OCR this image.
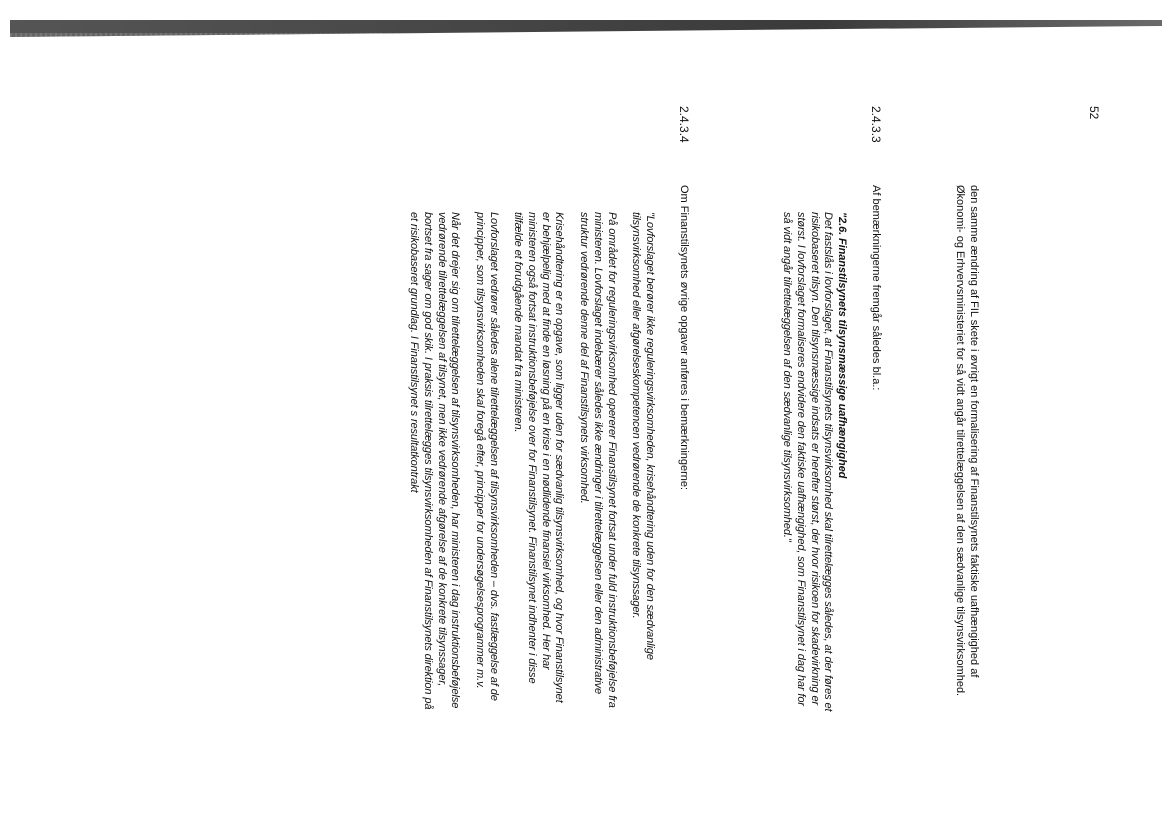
52

den samme ændring af FIL skete i øvrigt en formalisering af Finanstilsynets faktiske uafhængighed af Økonomi- og Erhvervsministeriet for så vidt angår tilrettelæggelsen af den sædvanlige tilsynsvirksomhed.

2.4.3.3
Af bemærkningerne fremgår således bl.a.:

"2.6. Finanstilsynets tilsynsmæssige uafhængighed
Det fastslås i lovforslaget, at Finanstilsynets tilsynsvirksomhed skal tilrettelægges således, at der føres et risikobaseret tilsyn. Den tilsynsmæssige indsats er herefter størst, der hvor risikoen for skadevirkning er størst. I lovforslaget formaliseres endvidere den faktiske uafhængighed, som Finanstilsynet i dag har for så vidt angår tilrettelæggelsen af den sædvanlige tilsynsvirksomhed."

2.4.3.4
Om Finanstilsynets øvrige opgaver anføres i bemærkningerne:

"Lovforslaget berører ikke reguleringsvirksomheden, krisehåndtering uden for den sædvanlige tilsynsvirksomhed eller afgørelseskompetencen vedrørende de konkrete tilsynssager.

På området for reguleringsvirksomhed opererer Finanstilsynet fortsat under fuld instruktionsbeføjelse fra ministeren. Lovforslaget indebærer således ikke ændringer i tilrettelæggelsen eller den administrative struktur vedrørende denne del af Finanstilsynets virksomhed.

Krisehåndtering er en opgave, som ligger uden for sædvanlig tilsynsvirksomhed, og hvor Finanstilsynet er behjælpelig med at finde en løsning på en krise i en nødlidende finansiel virksomhed. Her har ministeren også fortsat instruktionsbeføjelse over for Finanstilsynet. Finanstilsynet indhenter i disse tilfælde et forudgående mandat fra ministeren.

Lovforslaget vedrører således alene tilrettelæggelsen af tilsynsvirksomheden – dvs. fastlæggelse af de principper, som tilsynsvirksomheden skal foregå efter, principper for undersøgelsesprogrammer m.v.

Når det drejer sig om tilrettelæggelsen af tilsynsvirksomheden, har ministeren i dag instruktionsbeføjelse vedrørende tilrettelæggelsen af tilsynet, men ikke vedrørende afgørelse af de konkrete tilsynssager, bortset fra sager om god skik. I praksis tilrettelægges tilsynsvirksomheden af Finanstilsynets direktion på et risikobaseret grundlag. I Finanstilsynet s resultatkontrakt
